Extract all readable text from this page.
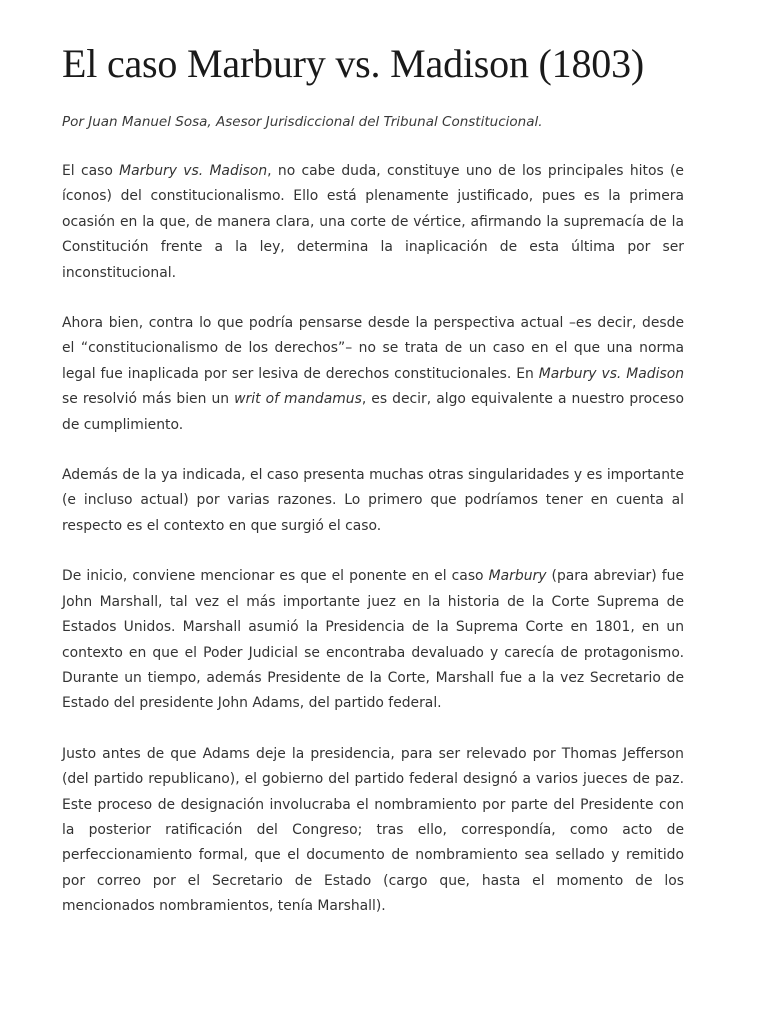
El caso Marbury vs. Madison (1803)

Por Juan Manuel Sosa, Asesor Jurisdiccional del Tribunal Constitucional.

El caso Marbury vs. Madison, no cabe duda, constituye uno de los principales hitos (e íconos) del constitucionalismo. Ello está plenamente justificado, pues es la primera ocasión en la que, de manera clara, una corte de vértice, afirmando la supremacía de la Constitución frente a la ley, determina la inaplicación de esta última por ser inconstitucional.

Ahora bien, contra lo que podría pensarse desde la perspectiva actual –es decir, desde el “constitucionalismo de los derechos”– no se trata de un caso en el que una norma legal fue inaplicada por ser lesiva de derechos constitucionales. En Marbury vs. Madison se resolvió más bien un writ of mandamus, es decir, algo equivalente a nuestro proceso de cumplimiento.

Además de la ya indicada, el caso presenta muchas otras singularidades y es importante (e incluso actual) por varias razones. Lo primero que podríamos tener en cuenta al respecto es el contexto en que surgió el caso.

De inicio, conviene mencionar es que el ponente en el caso Marbury (para abreviar) fue John Marshall, tal vez el más importante juez en la historia de la Corte Suprema de Estados Unidos. Marshall asumió la Presidencia de la Suprema Corte en 1801, en un contexto en que el Poder Judicial se encontraba devaluado y carecía de protagonismo. Durante un tiempo, además Presidente de la Corte, Marshall fue a la vez Secretario de Estado del presidente John Adams, del partido federal.

Justo antes de que Adams deje la presidencia, para ser relevado por Thomas Jefferson (del partido republicano), el gobierno del partido federal designó a varios jueces de paz. Este proceso de designación involucraba el nombramiento por parte del Presidente con la posterior ratificación del Congreso; tras ello, correspondía, como acto de perfeccionamiento formal, que el documento de nombramiento sea sellado y remitido por correo por el Secretario de Estado (cargo que, hasta el momento de los mencionados nombramientos, tenía Marshall).
